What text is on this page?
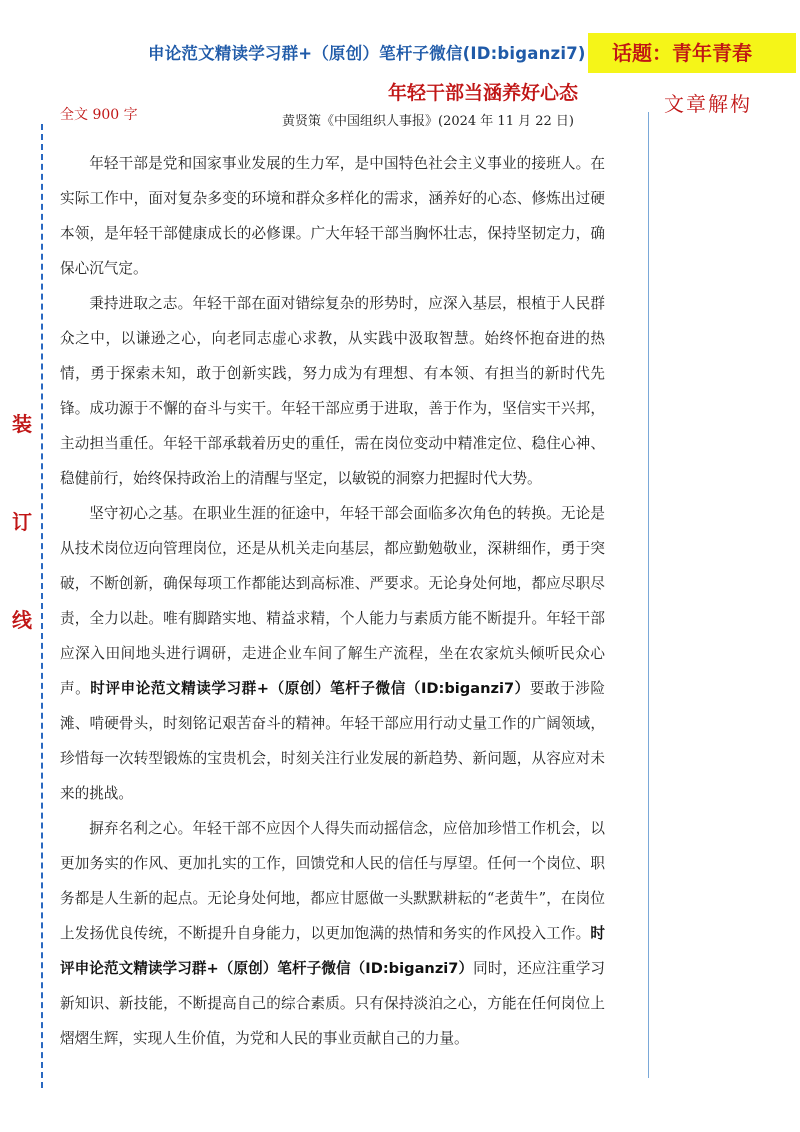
申论范文精读学习群+（原创）笔杆子微信(ID:biganzi7)	话题：青年青春
年轻干部当涵养好心态
黄贤策《中国组织人事报》(2024 年 11 月 22 日)
全文 900 字	文章解构
装
订
线

年轻干部是党和国家事业发展的生力军，是中国特色社会主义事业的接班人。在实际工作中，面对复杂多变的环境和群众多样化的需求，涵养好的心态、修炼出过硬本领，是年轻干部健康成长的必修课。广大年轻干部当胸怀壮志，保持坚韧定力，确保心沉气定。

秉持进取之志。年轻干部在面对错综复杂的形势时，应深入基层，根植于人民群众之中，以谦逊之心，向老同志虚心求教，从实践中汲取智慧。始终怀抱奋进的热情，勇于探索未知，敢于创新实践，努力成为有理想、有本领、有担当的新时代先锋。成功源于不懈的奋斗与实干。年轻干部应勇于进取，善于作为，坚信实干兴邦，主动担当重任。年轻干部承载着历史的重任，需在岗位变动中精准定位、稳住心神、稳健前行，始终保持政治上的清醒与坚定，以敏锐的洞察力把握时代大势。

坚守初心之基。在职业生涯的征途中，年轻干部会面临多次角色的转换。无论是从技术岗位迈向管理岗位，还是从机关走向基层，都应勤勉敬业，深耕细作，勇于突破，不断创新，确保每项工作都能达到高标准、严要求。无论身处何地，都应尽职尽责，全力以赴。唯有脚踏实地、精益求精，个人能力与素质方能不断提升。年轻干部应深入田间地头进行调研，走进企业车间了解生产流程，坐在农家炕头倾听民众心声。时评申论范文精读学习群+（原创）笔杆子微信（ID:biganzi7）要敢于涉险滩、啃硬骨头，时刻铭记艰苦奋斗的精神。年轻干部应用行动丈量工作的广阔领域，珍惜每一次转型锻炼的宝贵机会，时刻关注行业发展的新趋势、新问题，从容应对未来的挑战。

摒弃名利之心。年轻干部不应因个人得失而动摇信念，应倍加珍惜工作机会，以更加务实的作风、更加扎实的工作，回馈党和人民的信任与厚望。任何一个岗位、职务都是人生新的起点。无论身处何地，都应甘愿做一头默默耕耘的“老黄牛”，在岗位上发扬优良传统，不断提升自身能力，以更加饱满的热情和务实的作风投入工作。时评申论范文精读学习群+（原创）笔杆子微信（ID:biganzi7）同时，还应注重学习新知识、新技能，不断提高自己的综合素质。只有保持淡泊之心，方能在任何岗位上熠熠生辉，实现人生价值，为党和人民的事业贡献自己的力量。
